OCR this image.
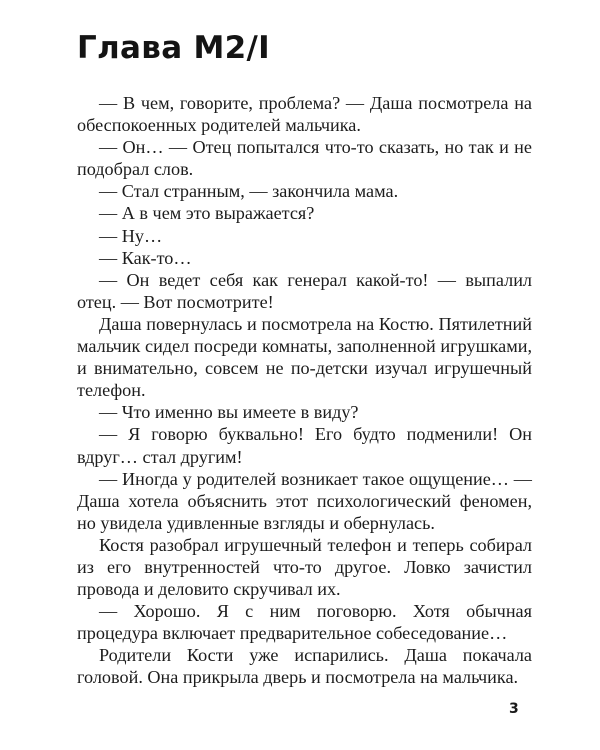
Глава M2/I

— В чем, говорите, проблема? — Даша посмотрела на обеспокоенных родителей мальчика.

— Он… — Отец попытался что-то сказать, но так и не подобрал слов.

— Стал странным, — закончила мама.

— А в чем это выражается?

— Ну…

— Как-то…

— Он ведет себя как генерал какой-то! — выпалил отец. — Вот посмотрите!

Даша повернулась и посмотрела на Костю. Пятилетний мальчик сидел посреди комнаты, заполненной игрушками, и внимательно, совсем не по-детски изучал игрушечный телефон.

— Что именно вы имеете в виду?

— Я говорю буквально! Его будто подменили! Он вдруг… стал другим!

— Иногда у родителей возникает такое ощущение… — Даша хотела объяснить этот психологический феномен, но увидела удивленные взгляды и обернулась.

Костя разобрал игрушечный телефон и теперь собирал из его внутренностей что-то другое. Ловко зачистил провода и деловито скручивал их.

— Хорошо. Я с ним поговорю. Хотя обычная процедура включает предварительное собеседование…

Родители Кости уже испарились. Даша покачала головой. Она прикрыла дверь и посмотрела на мальчика.

3
